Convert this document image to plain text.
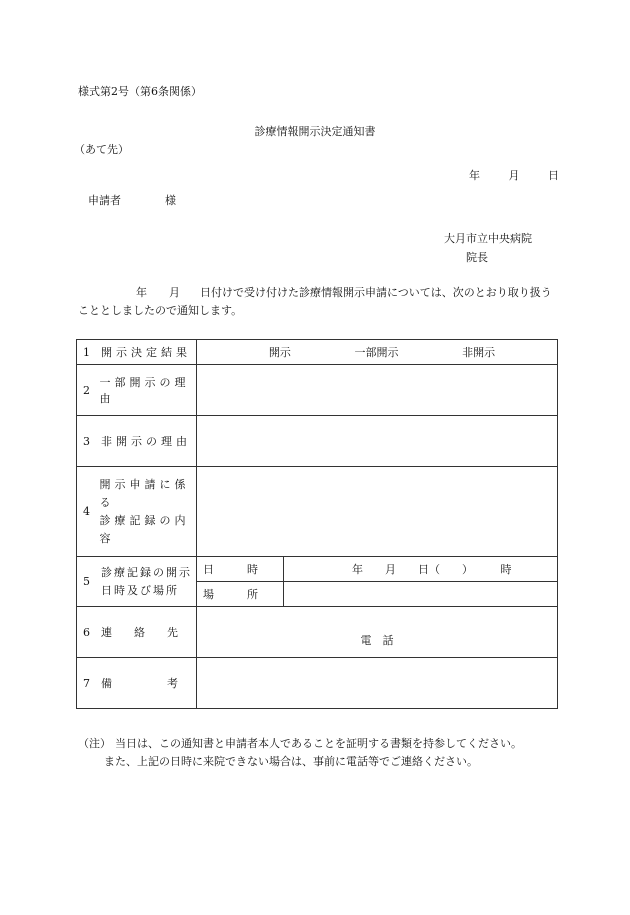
様式第2号（第6条関係）
診療情報開示決定通知書
（あて先）
年	月	日
申請者	様
大月市立中央病院
院長
年 月 日付けで受け付けた診療情報開示申請については、次のとおり取り扱うこととしましたので通知します。
1 開示決定結果	開示 一部開示 非開示	

2
一部開示の理由		

3 非開示の理由		

4
開示申請に係る
診療記録の内容		

5
診療記録の開示
日時及び場所	日　　　時	年　　月　　日（　　）　　　時
	場　　　所	

6 連　　絡　　先	電　話	

7 備　　　　　考		

（注） 当日は、この通知書と申請者本人であることを証明する書類を持参してください。
また、上記の日時に来院できない場合は、事前に電話等でご連絡ください。
